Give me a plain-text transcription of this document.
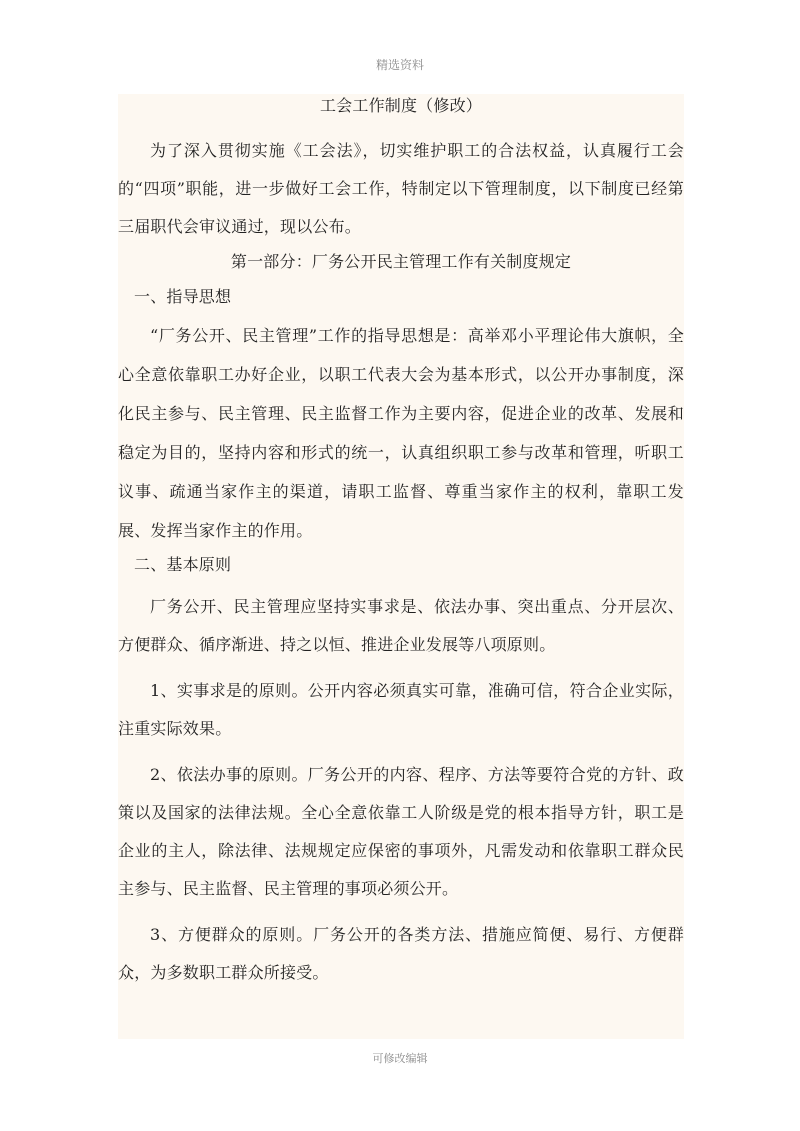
精选资料
工会工作制度（修改）

为了深入贯彻实施《工会法》，切实维护职工的合法权益，认真履行工会的“四项”职能，进一步做好工会工作，特制定以下管理制度，以下制度已经第三届职代会审议通过，现以公布。

第一部分：厂务公开民主管理工作有关制度规定

一、指导思想

“厂务公开、民主管理”工作的指导思想是：高举邓小平理论伟大旗帜，全心全意依靠职工办好企业，以职工代表大会为基本形式，以公开办事制度，深化民主参与、民主管理、民主监督工作为主要内容，促进企业的改革、发展和稳定为目的，坚持内容和形式的统一，认真组织职工参与改革和管理，听职工议事、疏通当家作主的渠道，请职工监督、尊重当家作主的权利，靠职工发展、发挥当家作主的作用。

二、基本原则

厂务公开、民主管理应坚持实事求是、依法办事、突出重点、分开层次、方便群众、循序渐进、持之以恒、推进企业发展等八项原则。

1、实事求是的原则。公开内容必须真实可靠，准确可信，符合企业实际，注重实际效果。

2、依法办事的原则。厂务公开的内容、程序、方法等要符合党的方针、政策以及国家的法律法规。全心全意依靠工人阶级是党的根本指导方针，职工是企业的主人，除法律、法规规定应保密的事项外，凡需发动和依靠职工群众民主参与、民主监督、民主管理的事项必须公开。

3、方便群众的原则。厂务公开的各类方法、措施应简便、易行、方便群众，为多数职工群众所接受。

可修改编辑
